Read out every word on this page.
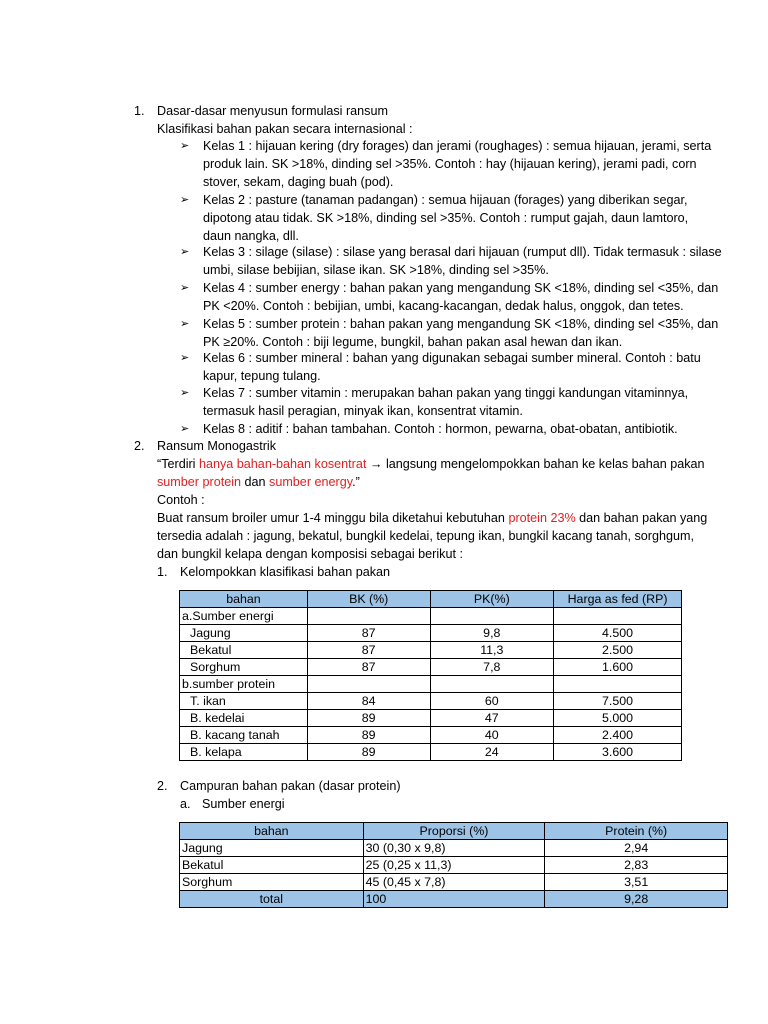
1. Dasar-dasar menyusun formulasi ransum
Klasifikasi bahan pakan secara internasional :
➢ Kelas 1 : hijauan kering (dry forages) dan jerami (roughages) : semua hijauan, jerami, serta
produk lain. SK >18%, dinding sel >35%. Contoh : hay (hijauan kering), jerami padi, corn
stover, sekam, daging buah (pod).
➢ Kelas 2 : pasture (tanaman padangan) : semua hijauan (forages) yang diberikan segar,
dipotong atau tidak. SK >18%, dinding sel >35%. Contoh : rumput gajah, daun lamtoro,
daun nangka, dll.
➢ Kelas 3 : silage (silase) : silase yang berasal dari hijauan (rumput dll). Tidak termasuk : silase
umbi, silase bebijian, silase ikan. SK >18%, dinding sel >35%.
➢ Kelas 4 : sumber energy : bahan pakan yang mengandung SK <18%, dinding sel <35%, dan
PK <20%. Contoh : bebijian, umbi, kacang-kacangan, dedak halus, onggok, dan tetes.
➢ Kelas 5 : sumber protein : bahan pakan yang mengandung SK <18%, dinding sel <35%, dan
PK ≥20%. Contoh : biji legume, bungkil, bahan pakan asal hewan dan ikan.
➢ Kelas 6 : sumber mineral : bahan yang digunakan sebagai sumber mineral. Contoh : batu
kapur, tepung tulang.
➢ Kelas 7 : sumber vitamin : merupakan bahan pakan yang tinggi kandungan vitaminnya,
termasuk hasil peragian, minyak ikan, konsentrat vitamin.
➢ Kelas 8 : aditif : bahan tambahan. Contoh : hormon, pewarna, obat-obatan, antibiotik.
2. Ransum Monogastrik
“Terdiri hanya bahan-bahan kosentrat → langsung mengelompokkan bahan ke kelas bahan pakan
sumber protein dan sumber energy.”
Contoh :
Buat ransum broiler umur 1-4 minggu bila diketahui kebutuhan protein 23% dan bahan pakan yang
tersedia adalah : jagung, bekatul, bungkil kedelai, tepung ikan, bungkil kacang tanah, sorghgum,
dan bungkil kelapa dengan komposisi sebagai berikut :
1. Kelompokkan klasifikasi bahan pakan
bahan	BK (%)	PK(%)	Harga as fed (RP)
a.Sumber energi			
Jagung	87	9,8	4.500
Bekatul	87	11,3	2.500
Sorghum	87	7,8	1.600
b.sumber protein			
T. ikan	84	60	7.500
B. kedelai	89	47	5.000
B. kacang tanah	89	40	2.400
B. kelapa	89	24	3.600
2. Campuran bahan pakan (dasar protein)
a. Sumber energi
bahan	Proporsi (%)	Protein (%)
Jagung	30 (0,30 x 9,8)	2,94
Bekatul	25 (0,25 x 11,3)	2,83
Sorghum	45 (0,45 x 7,8)	3,51
total	100	9,28
